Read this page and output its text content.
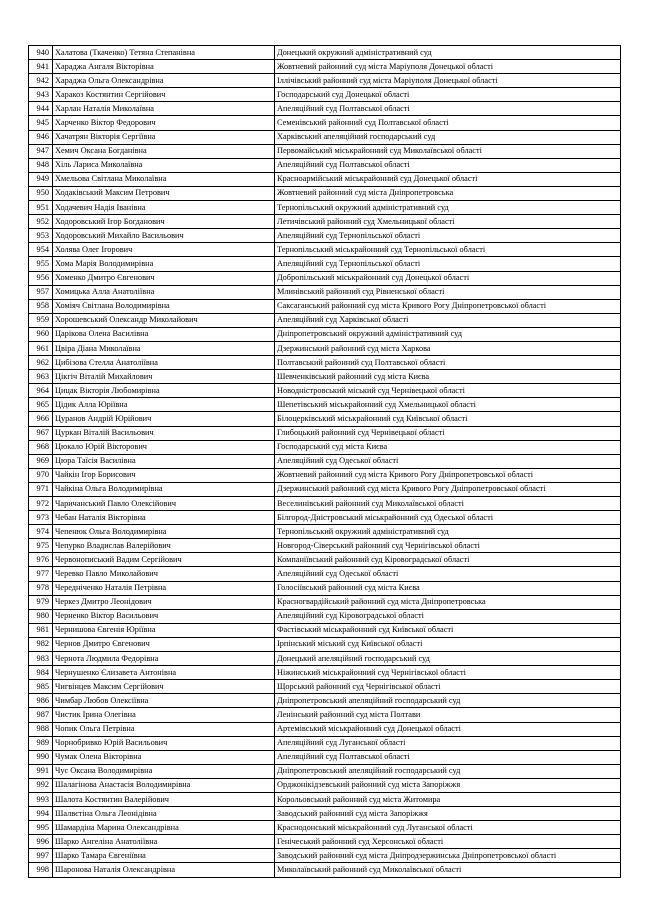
940	Халатова (Ткаченко) Тетяна Степанівна	Донецький окружний адміністративний суд
941	Хараджа Ангаля Вікторівна	Жовтневий районний суд міста Маріуполя Донецької області
942	Хараджа Ольга Олександрівна	Іллічівський районний суд міста Маріуполя Донецької області
943	Харакоз Костянтин Сергійович	Господарський суд Донецької області
944	Харлан Наталія Миколаївна	Апеляційний суд Полтавської області
945	Харченко Віктор Федорович	Семенівський районний суд Полтавської області
946	Хачатрян Вікторія Сергіївна	Харківський апеляційний господарський суд
947	Хемич Оксана Богданівна	Первомайський міськрайонний суд Миколаївської області
948	Хіль Лариса Миколаївна	Апеляційний суд Полтавської області
949	Хмельова Світлана Миколаївна	Красноармійський міськрайонний суд Донецької області
950	Ходаківський Максим Петрович	Жовтневий районний суд міста Дніпропетровська
951	Ходачевич Надія Іванівна	Тернопільський окружний адміністративний суд
952	Ходоровський Ігор Богданович	Летичівський районний суд Хмельницької області
953	Ходоровський Михайло Васильович	Апеляційний суд Тернопільської області
954	Холява Олег Ігорович	Тернопільський міськрайонний суд Тернопільської області
955	Хома Марія Володимирівна	Апеляційний суд Тернопільської області
956	Хоменко Дмитро Євгенович	Добропільський міськрайонний суд Донецької області
957	Хомицька Алла Анатоліївна	Млинівський районний суд Рівненської області
958	Хоміяч Світлана Володимирівна	Саксаганський районний суд міста Кривого Рогу Дніпропетровської області
959	Хорошевський Олександр Миколайович	Апеляційний суд Харківської області
960	Царікова Олена Василівна	Дніпропетровський окружний адміністративний суд
961	Цвіра Діана Миколаївна	Дзержинський районний суд міста Харкова
962	Цибізова Стелла Анатоліївна	Полтавський районний суд Полтавської області
963	Цікгіч Віталій Михайлович	Шевченківський районний суд міста Києва
964	Цицак Вікторія Любомирівна	Новодністровський міський суд Чернівецької області
965	Цідик Алла Юріївна	Шепетівський міськрайонний суд Хмельницької області
966	Цуранов Андрій Юрійович	Білоцерківський міськрайонний суд Київської області
967	Цуркан Віталій Васильович	Глибоцький районний суд Чернівецької області
968	Цюкало Юрій Вікторович	Господарський суд міста Києва
969	Цюра Таїсія Василівна	Апеляційний суд Одеської області
970	Чайкін Ігор Борисович	Жовтневий районний суд міста Кривого Рогу Дніпропетровської області
971	Чайкіна Ольга Володимирівна	Дзержинський районний суд міста Кривого Рогу Дніпропетровської області
972	Чаричанський Павло Олексійович	Веселинівський районний суд Миколаївської області
973	Чебан Наталія Вікторівна	Білгород-Дністровський міськрайонний суд Одеської області
974	Чепенюк Ольга Володимирівна	Тернопільський окружний адміністративний суд
975	Чепурко Владислав Валерійович	Новгород-Сіверський районний суд Чернігівської області
976	Червонописький Вадим Сергійович	Компаніївський районний суд Кіровоградської області
977	Черевко Павло Миколайович	Апеляційний суд Одеської області
978	Чередніченко Наталія Петрівна	Голосіївський районний суд міста Києва
979	Черкез Дмитро Леонідович	Красногвардійський районний суд міста Дніпропетровська
980	Черненко Віктор Васильович	Апеляційний суд Кіровоградської області
981	Чернишова Євгенія Юріївна	Фастівський міськрайонний суд Київської області
982	Чернов Дмитро Євгенович	Ірпінський міський суд Київської області
983	Чернота Людмила Федорівна	Донецький апеляційний господарський суд
984	Чернушенко Єлизавета Антонівна	Ніжинський міськрайонний суд Чернігівської області
985	Чигвінцев Максим Сергійович	Щорський районний суд Чернігівської області
986	Чимбар Любов Олексіївна	Дніпропетровський апеляційний господарський суд
987	Чистик Ірина Олегівна	Ленінський районний суд міста Полтави
988	Чопик Ольга Петрівна	Артемівський міськрайонний суд Донецької області
989	Чорнобривко Юрій Васильович	Апеляційний суд Луганської області
990	Чумак Олена Вікторівна	Апеляційний суд Полтавської області
991	Чус Оксана Володимирівна	Дніпропетровський апеляційний господарський суд
992	Шалагінова Анастасія Володимирівна	Орджонікідзевський районний суд міста Запоріжжя
993	Шалота Костянтин Валерійович	Корольовський районний суд міста Житомира
994	Шалвєтіна Ольга Леонідівна	Заводський районний суд міста Запоріжжя
995	Шамардіна Марина Олександрівна	Краснодонський міськрайонний суд Луганської області
996	Шарко Ангеліна Анатоліївна	Генічеський районний суд Херсонської області
997	Шарко Тамара Євгеніївна	Заводський районний суд міста Дніпродзержинська Дніпропетровської області
998	Шаронова Наталія Олександрівна	Миколаївський районний суд Миколаївської області
